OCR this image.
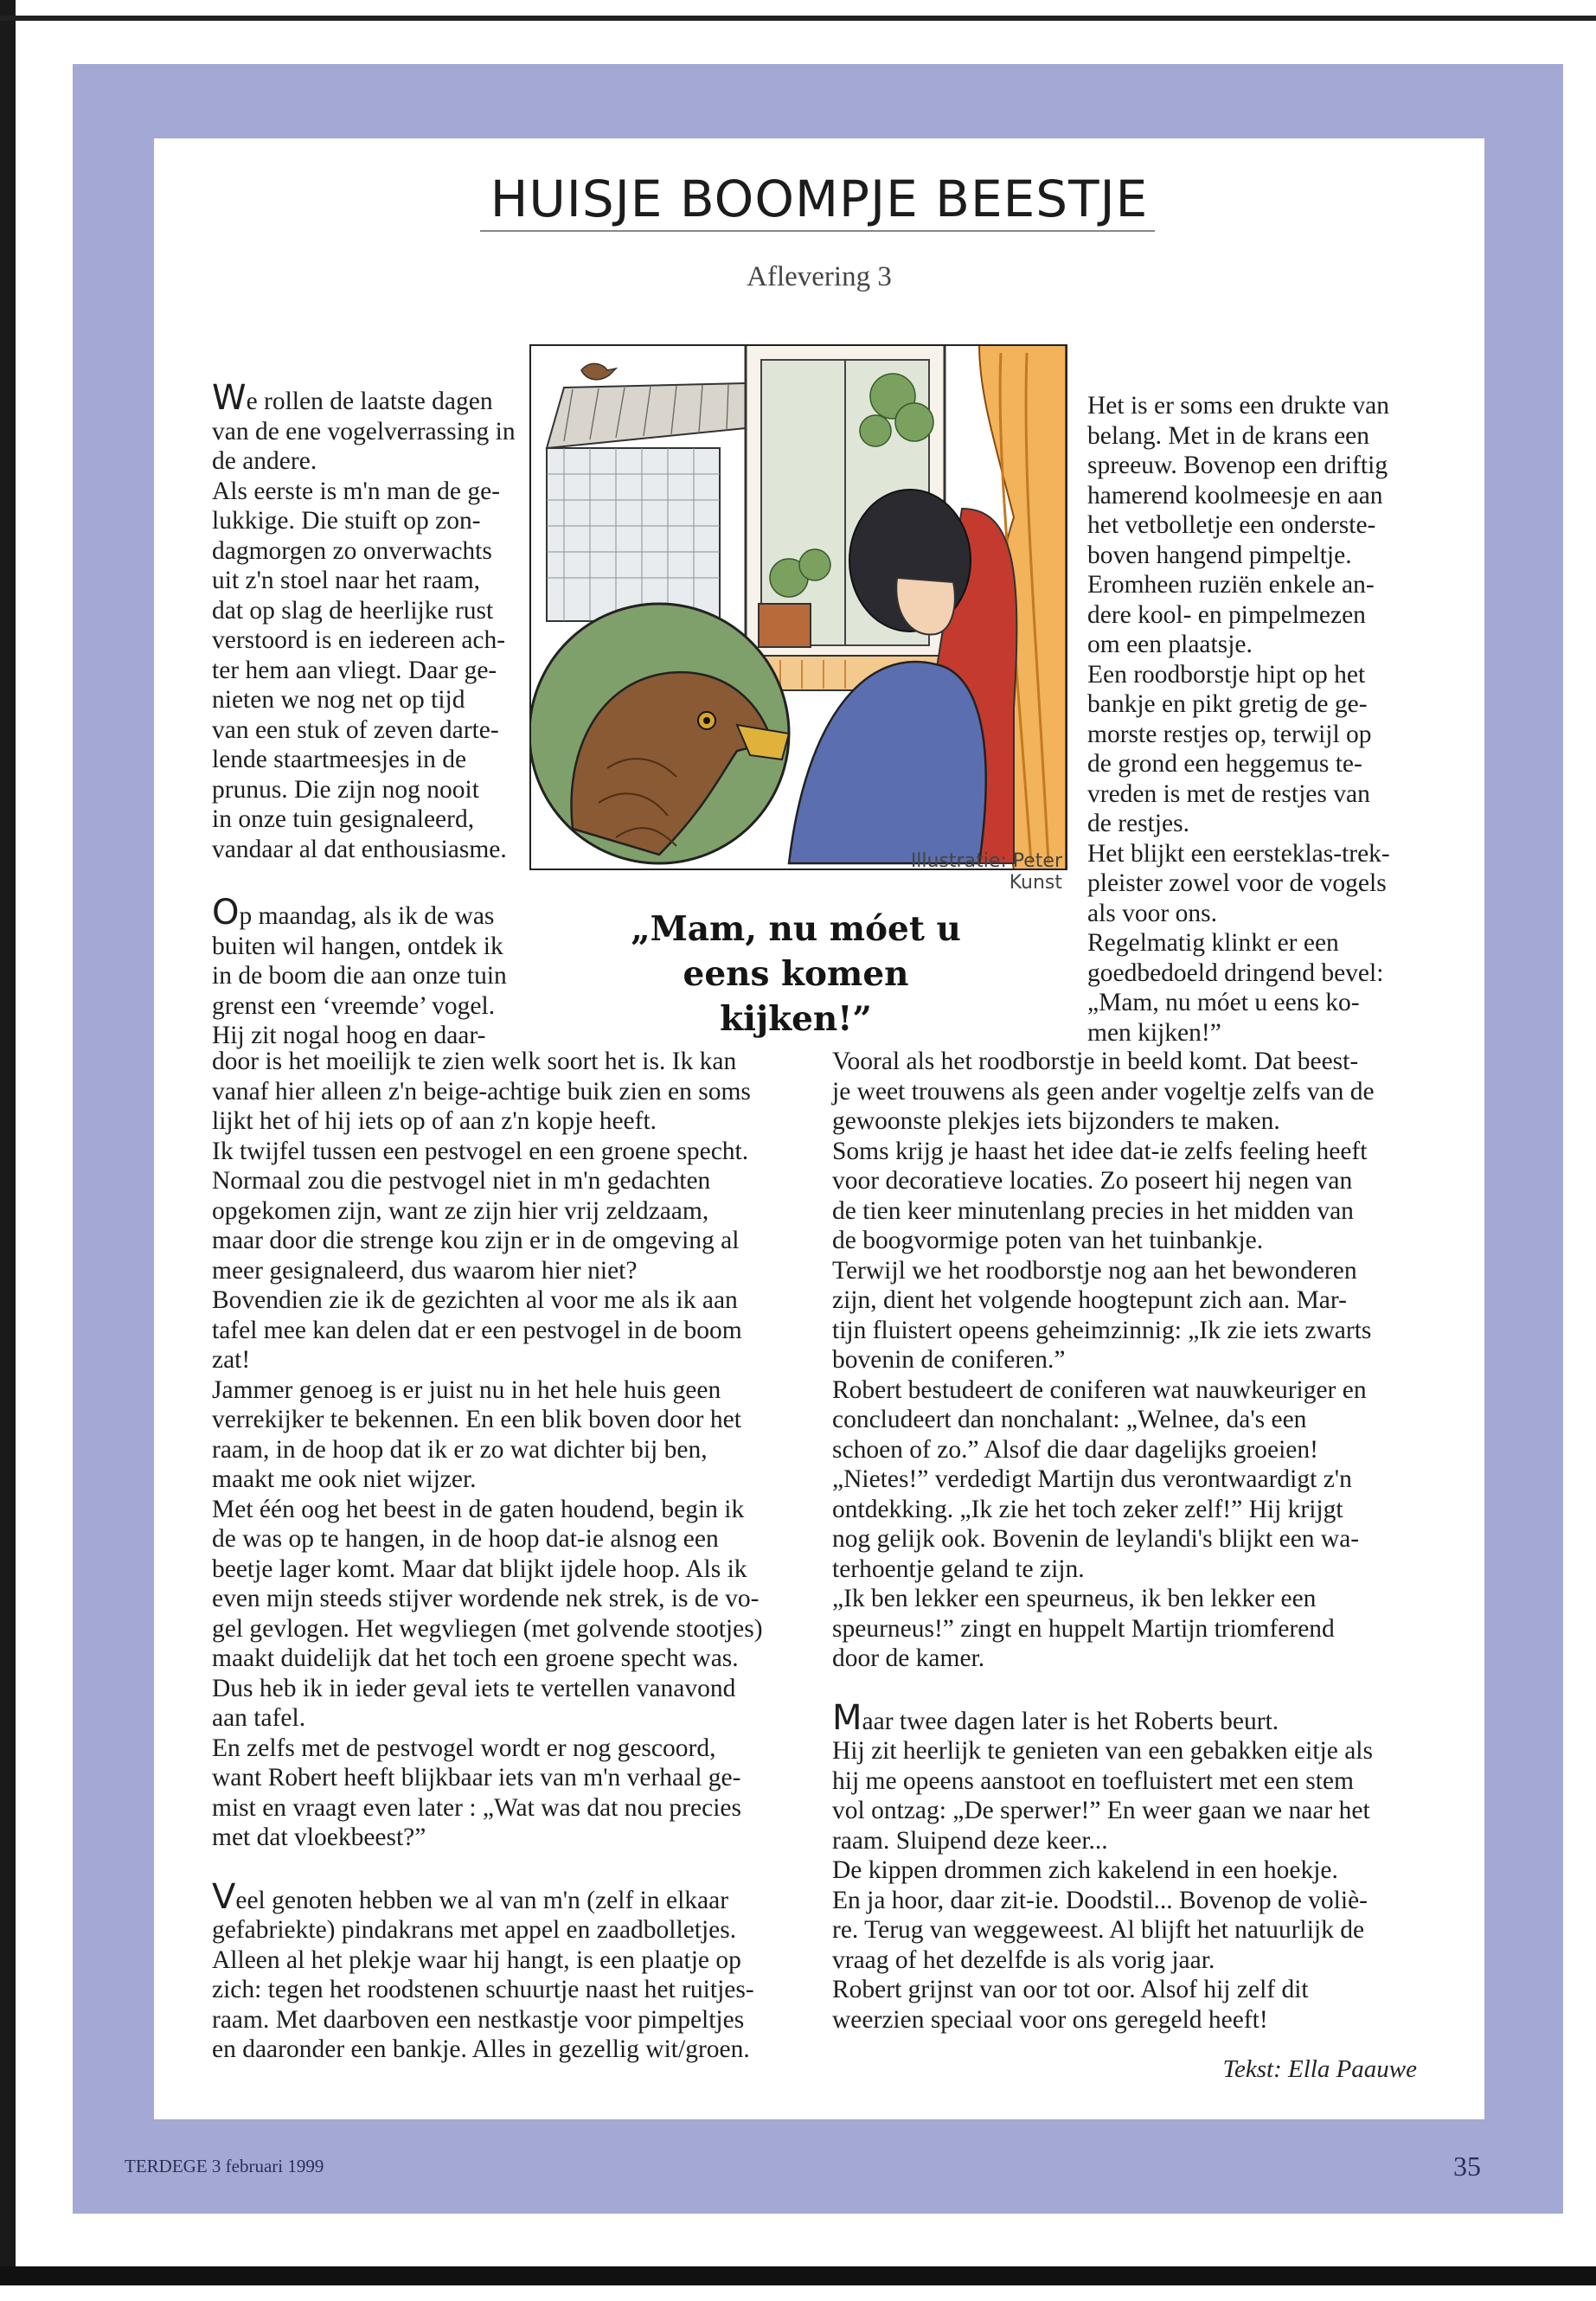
HUISJE BOOMPJE BEESTJE
Aflevering 3

We rollen de laatste dagen

van de ene vogelverrassing in

de andere.

Als eerste is m'n man de ge-

lukkige. Die stuift op zon-

dagmorgen zo onverwachts

uit z'n stoel naar het raam,

dat op slag de heerlijke rust

verstoord is en iedereen ach-

ter hem aan vliegt. Daar ge-

nieten we nog net op tijd

van een stuk of zeven darte-

lende staartmeesjes in de

prunus. Die zijn nog nooit

in onze tuin gesignaleerd,

vandaar al dat enthousiasme.

Op maandag, als ik de was

buiten wil hangen, ontdek ik

in de boom die aan onze tuin

grenst een ‘vreemde’ vogel.

Hij zit nogal hoog en daar-

door is het moeilijk te zien welk soort het is. Ik kan

vanaf hier alleen z'n beige-achtige buik zien en soms

lijkt het of hij iets op of aan z'n kopje heeft.

Ik twijfel tussen een pestvogel en een groene specht.

Normaal zou die pestvogel niet in m'n gedachten

opgekomen zijn, want ze zijn hier vrij zeldzaam,

maar door die strenge kou zijn er in de omgeving al

meer gesignaleerd, dus waarom hier niet?

Bovendien zie ik de gezichten al voor me als ik aan

tafel mee kan delen dat er een pestvogel in de boom

zat!

Jammer genoeg is er juist nu in het hele huis geen

verrekijker te bekennen. En een blik boven door het

raam, in de hoop dat ik er zo wat dichter bij ben,

maakt me ook niet wijzer.

Met één oog het beest in de gaten houdend, begin ik

de was op te hangen, in de hoop dat-ie alsnog een

beetje lager komt. Maar dat blijkt ijdele hoop. Als ik

even mijn steeds stijver wordende nek strek, is de vo-

gel gevlogen. Het wegvliegen (met golvende stootjes)

maakt duidelijk dat het toch een groene specht was.

Dus heb ik in ieder geval iets te vertellen vanavond

aan tafel.

En zelfs met de pestvogel wordt er nog gescoord,

want Robert heeft blijkbaar iets van m'n verhaal ge-

mist en vraagt even later : „Wat was dat nou precies

met dat vloekbeest?”

Veel genoten hebben we al van m'n (zelf in elkaar

gefabriekte) pindakrans met appel en zaadbolletjes.

Alleen al het plekje waar hij hangt, is een plaatje op

zich: tegen het roodstenen schuurtje naast het ruitjes-

raam. Met daarboven een nestkastje voor pimpeltjes

en daaronder een bankje. Alles in gezellig wit/groen.

Het is er soms een drukte van

belang. Met in de krans een

spreeuw. Bovenop een driftig

hamerend koolmeesje en aan

het vetbolletje een onderste-

boven hangend pimpeltje.

Eromheen ruziën enkele an-

dere kool- en pimpelmezen

om een plaatsje.

Een roodborstje hipt op het

bankje en pikt gretig de ge-

morste restjes op, terwijl op

de grond een heggemus te-

vreden is met de restjes van

de restjes.

Het blijkt een eersteklas-trek-

pleister zowel voor de vogels

als voor ons.

Regelmatig klinkt er een

goedbedoeld dringend bevel:

„Mam, nu móet u eens ko-

men kijken!”

Vooral als het roodborstje in beeld komt. Dat beest-

je weet trouwens als geen ander vogeltje zelfs van de

gewoonste plekjes iets bijzonders te maken.

Soms krijg je haast het idee dat-ie zelfs feeling heeft

voor decoratieve locaties. Zo poseert hij negen van

de tien keer minutenlang precies in het midden van

de boogvormige poten van het tuinbankje.

Terwijl we het roodborstje nog aan het bewonderen

zijn, dient het volgende hoogtepunt zich aan. Mar-

tijn fluistert opeens geheimzinnig: „Ik zie iets zwarts

bovenin de coniferen.”

Robert bestudeert de coniferen wat nauwkeuriger en

concludeert dan nonchalant: „Welnee, da's een

schoen of zo.” Alsof die daar dagelijks groeien!

„Nietes!” verdedigt Martijn dus verontwaardigt z'n

ontdekking. „Ik zie het toch zeker zelf!” Hij krijgt

nog gelijk ook. Bovenin de leylandi's blijkt een wa-

terhoentje geland te zijn.

„Ik ben lekker een speurneus, ik ben lekker een

speurneus!” zingt en huppelt Martijn triomferend

door de kamer.

Maar twee dagen later is het Roberts beurt.

Hij zit heerlijk te genieten van een gebakken eitje als

hij me opeens aanstoot en toefluistert met een stem

vol ontzag: „De sperwer!” En weer gaan we naar het

raam. Sluipend deze keer...

De kippen drommen zich kakelend in een hoekje.

En ja hoor, daar zit-ie. Doodstil... Bovenop de voliè-

re. Terug van weggeweest. Al blijft het natuurlijk de

vraag of het dezelfde is als vorig jaar.

Robert grijnst van oor tot oor. Alsof hij zelf dit

weerzien speciaal voor ons geregeld heeft!

Illustratie: Peter Kunst
„Mam, nu móet u
eens komen kijken!”
Tekst: Ella Paauwe
TERDEGE 3 februari 1999	35
